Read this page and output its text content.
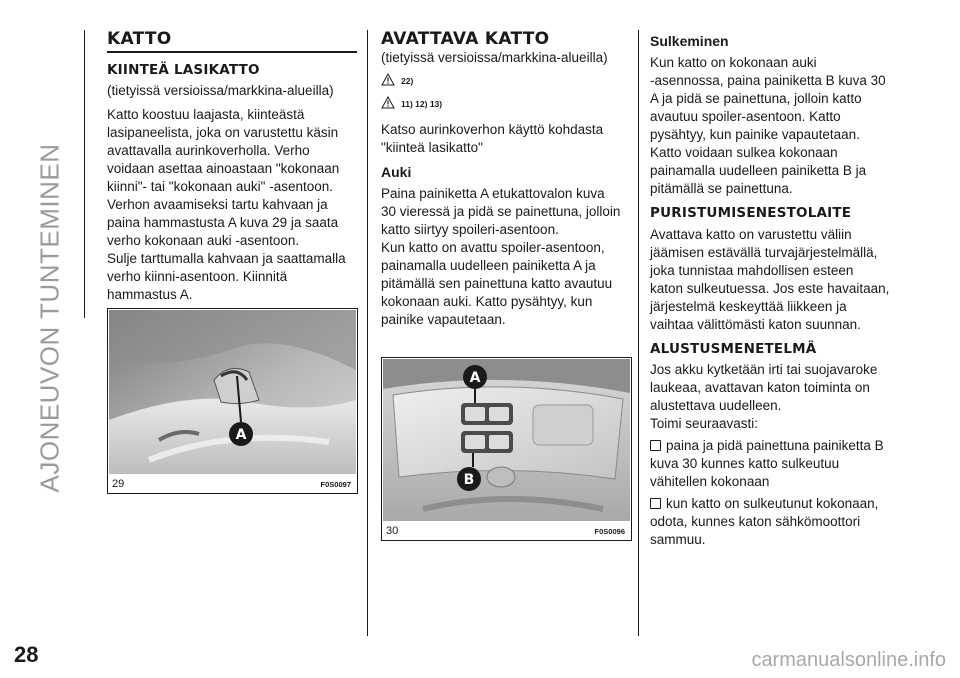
AJONEUVON TUNTEMINEN
28	carmanualsonline.info
KATTO
KIINTEÄ LASIKATTO

(tietyissä versioissa/markkina-alueilla)

Katto koostuu laajasta, kiinteästä
lasipaneelista, joka on varustettu käsin
avattavalla aurinkoverholla. Verho
voidaan asettaa ainoastaan "kokonaan
kiinni"- tai "kokonaan auki" -asentoon.
Verhon avaamiseksi tartu kahvaan ja
paina hammastusta A kuva 29 ja saata
verho kokonaan auki -asentoon.
Sulje tarttumalla kahvaan ja saattamalla
verho kiinni-asentoon. Kiinnitä
hammastus A.

A
29	F0S0097
AVATTAVA KATTO

(tietyissä versioissa/markkina-alueilla)

22)
11) 12) 13)

Katso aurinkoverhon käyttö kohdasta
"kiinteä lasikatto"

Auki

Paina painiketta A etukattovalon kuva
30 vieressä ja pidä se painettuna, jolloin
katto siirtyy spoileri-asentoon.
Kun katto on avattu spoiler-asentoon,
painamalla uudelleen painiketta A ja
pitämällä sen painettuna katto avautuu
kokonaan auki. Katto pysähtyy, kun
painike vapautetaan.

A
B
30	F0S0096
Sulkeminen

Kun katto on kokonaan auki
-asennossa, paina painiketta B kuva 30
A ja pidä se painettuna, jolloin katto
avautuu spoiler-asentoon. Katto
pysähtyy, kun painike vapautetaan.
Katto voidaan sulkea kokonaan
painamalla uudelleen painiketta B ja
pitämällä se painettuna.

PURISTUMISENESTOLAITE

Avattava katto on varustettu väliin
jäämisen estävällä turvajärjestelmällä,
joka tunnistaa mahdollisen esteen
katon sulkeutuessa. Jos este havaitaan,
järjestelmä keskeyttää liikkeen ja
vaihtaa välittömästi katon suunnan.

ALUSTUSMENETELMÄ

Jos akku kytketään irti tai suojavaroke
laukeaa, avattavan katon toiminta on
alustettava uudelleen.
Toimi seuraavasti:

paina ja pidä painettuna painiketta B
kuva 30 kunnes katto sulkeutuu
vähitellen kokonaan

kun katto on sulkeutunut kokonaan,
odota, kunnes katon sähkömoottori
sammuu.
